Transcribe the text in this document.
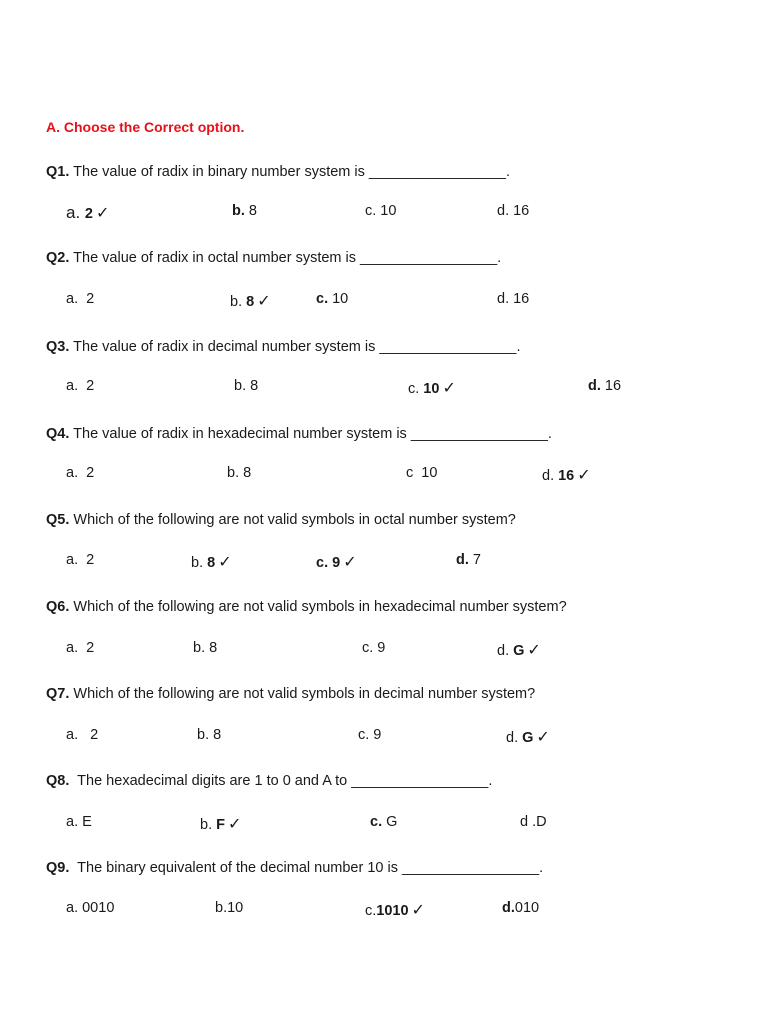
A. Choose the Correct option.
Q1. The value of radix in binary number system is _________________.
a. 2 ✓	b. 8	c. 10	d. 16
Q2. The value of radix in octal number system is _________________.
a.  2	b. 8 ✓	c. 10	d. 16
Q3. The value of radix in decimal number system is _________________.
a.  2	b. 8	c. 10 ✓	d. 16
Q4. The value of radix in hexadecimal number system is _________________.
a.  2	b. 8	c  10	d. 16 ✓
Q5. Which of the following are not valid symbols in octal number system?
a.  2	b. 8 ✓	c. 9 ✓	d. 7
Q6. Which of the following are not valid symbols in hexadecimal number system?
a.  2	b. 8	c. 9	d. G ✓
Q7. Which of the following are not valid symbols in decimal number system?
a.   2	b. 8	c. 9	d. G ✓
Q8.  The hexadecimal digits are 1 to 0 and A to _________________.
a. E	b. F ✓	c. G	d .D
Q9.  The binary equivalent of the decimal number 10 is _________________.
a. 0010	b.10	c.1010 ✓	d.010
